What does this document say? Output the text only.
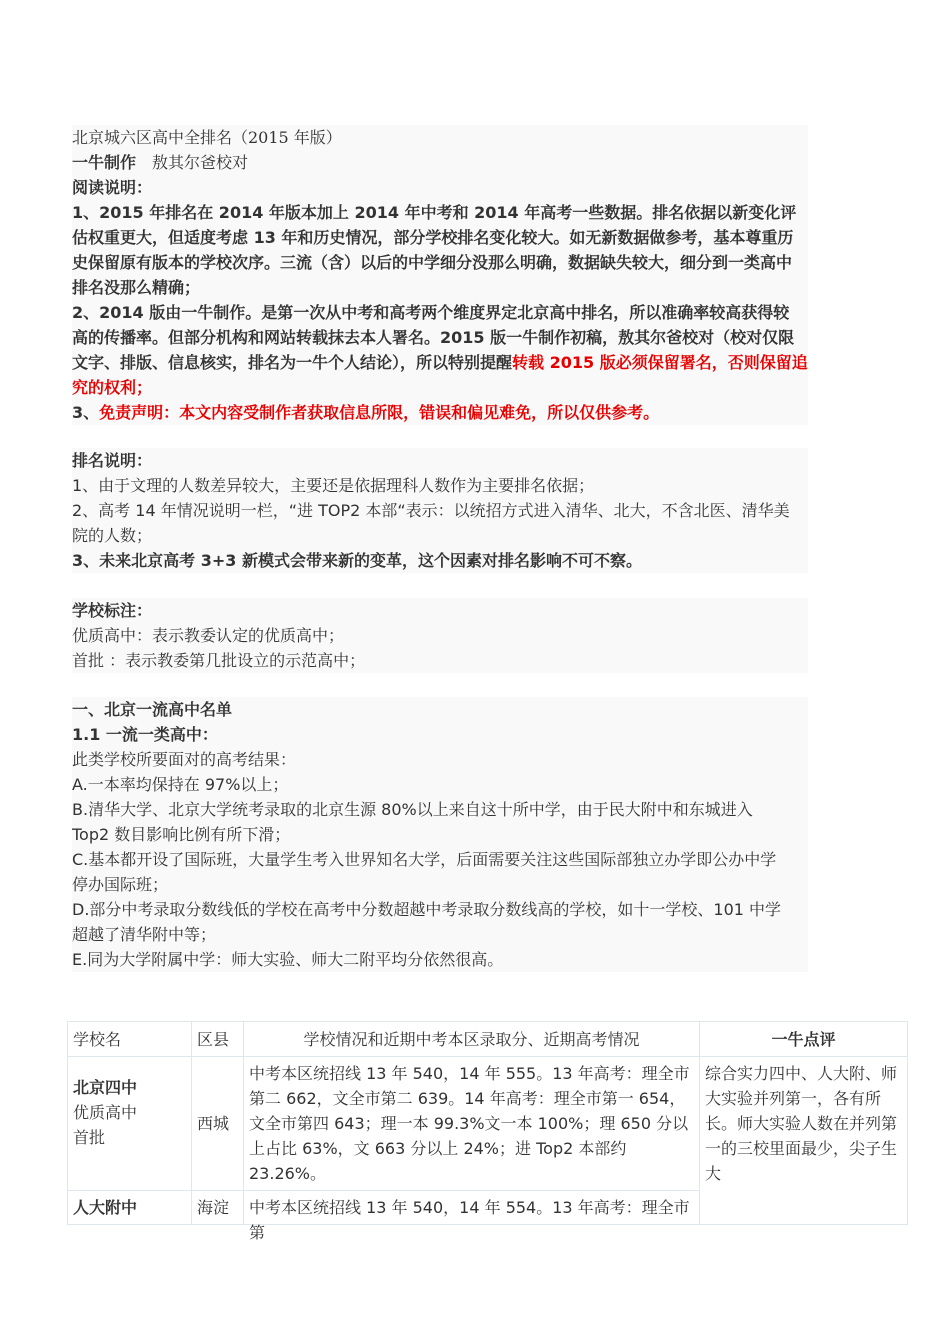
北京城六区高中全排名（2015 年版）
一牛制作　敖其尔爸校对
阅读说明：
1、2015 年排名在 2014 年版本加上 2014 年中考和 2014 年高考一些数据。排名依据以新变化评
估权重更大，但适度考虑 13 年和历史情况，部分学校排名变化较大。如无新数据做参考，基本尊重历
史保留原有版本的学校次序。三流（含）以后的中学细分没那么明确，数据缺失较大，细分到一类高中
排名没那么精确；
2、2014 版由一牛制作。是第一次从中考和高考两个维度界定北京高中排名，所以准确率较高获得较
高的传播率。但部分机构和网站转载抹去本人署名。2015 版一牛制作初稿，敖其尔爸校对（校对仅限
文字、排版、信息核实，排名为一牛个人结论），所以特别提醒转载 2015 版必须保留署名，否则保留追
究的权利；
3、免责声明：本文内容受制作者获取信息所限，错误和偏见难免，所以仅供参考。
排名说明：
1、由于文理的人数差异较大，主要还是依据理科人数作为主要排名依据；
2、高考 14 年情况说明一栏，“进 TOP2 本部“表示：以统招方式进入清华、北大，不含北医、清华美
院的人数；
3、未来北京高考 3+3 新模式会带来新的变革，这个因素对排名影响不可不察。
学校标注：
优质高中：表示教委认定的优质高中；
首批 ：表示教委第几批设立的示范高中；
一、北京一流高中名单
1.1 一流一类高中：
此类学校所要面对的高考结果：
A.一本率均保持在 97%以上；
B.清华大学、北京大学统考录取的北京生源 80%以上来自这十所中学，由于民大附中和东城进入
Top2 数目影响比例有所下滑；
C.基本都开设了国际班，大量学生考入世界知名大学，后面需要关注这些国际部独立办学即公办中学
停办国际班；
D.部分中考录取分数线低的学校在高考中分数超越中考录取分数线高的学校，如十一学校、101 中学
超越了清华附中等；
E.同为大学附属中学：师大实验、师大二附平均分依然很高。
学校名	区县	学校情况和近期中考本区录取分、近期高考情况	一牛点评

北京四中
优质高中
首批	西城	中考本区统招线 13 年 540，14 年 555。13 年高考：理全市第二 662，文全市第二 639。14 年高考：理全市第一 654，文全市第四 643；理一本 99.3%文一本 100%；理 650 分以上占比 63%，文 663 分以上 24%；进 Top2 本部约 23.26%。	综合实力四中、人大附、师大实验并列第一，各有所长。师大实验人数在并列第一的三校里面最少，尖子生大

人大附中	海淀	中考本区统招线 13 年 540，14 年 554。13 年高考：理全市第	
